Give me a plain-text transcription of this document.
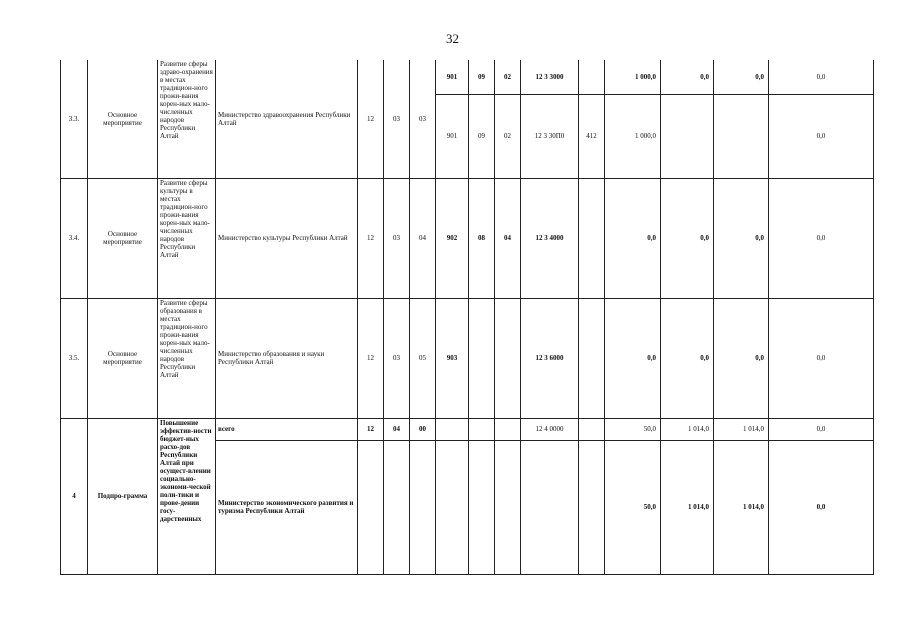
32
3.3.	Основное мероприятие	Развитие сферы здраво-охранения в местах традицион-ного прожи-вания корен-ных мало-численных народов Республики Алтай	Министерство здравоохранения Республики Алтай	12	03	03	901	09	02	12 3 3000		1 000,0	0,0	0,0	0,0
							901	09	02	12 3 30П0	412	1 000,0			0,0
3.4.	Основное мероприятие	Развитие сферы культуры в местах традицион-ного прожи-вания корен-ных мало-численных народов Республики Алтай	Министерство культуры Республики Алтай	12	03	04	902	08	04	12 3 4000		0,0	0,0	0,0	0,0
3.5.	Основное мероприятие	Развитие сферы образования в местах традицион-ного прожи-вания корен-ных мало-численных народов Республики Алтай	Министерство образования и науки Республики Алтай	12	03	05	903			12 3 6000		0,0	0,0	0,0	0,0
4	Подпро-грамма	Повышение эффектив-ности бюджет-ных расхо-дов Республики Алтай при осущест-влении социально-экономи-ческой поли-тики и прове-дении госу-дарственных	всего	12	04	00				12 4 0000		50,0	1 014,0	1 014,0	0,0
			Министерство экономического развития и туризма Республики Алтай									50,0	1 014,0	1 014,0	0,0
